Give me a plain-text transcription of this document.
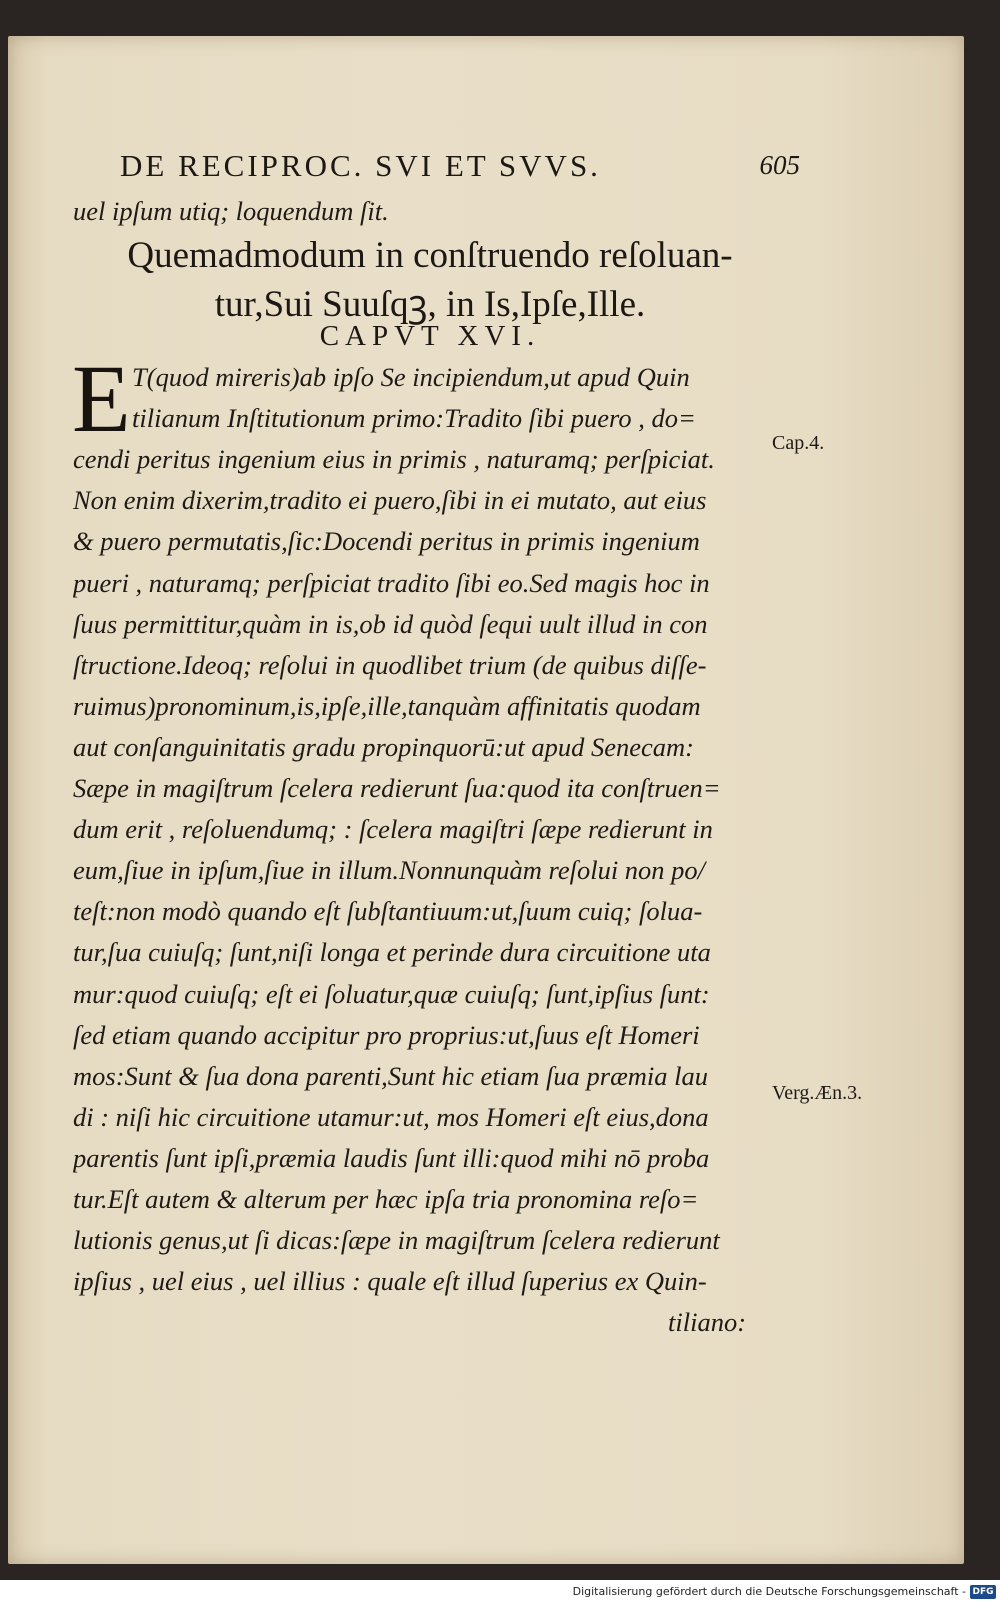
DE RECIPROC. SVI ET SVVS.	605
uel ipſum utiq; loquendum ſit.
Quemadmodum in conſtruendo reſoluan-
tur,Sui Suuſqꝫ, in Is,Ipſe,Ille.
CAPVT XVI.
E T(quod mireris)ab ipſo Se incipiendum,ut apud Quin
tilianum Inſtitutionum primo:Tradito ſibi puero , do=
cendi peritus ingenium eius in primis , naturamq; perſpiciat.
Non enim dixerim,tradito ei puero,ſibi in ei mutato, aut eius
& puero permutatis,ſic:Docendi peritus in primis ingenium
pueri , naturamq; perſpiciat tradito ſibi eo.Sed magis hoc in
ſuus permittitur,quàm in is,ob id quòd ſequi uult illud in con
ſtructione.Ideoq; reſolui in quodlibet trium (de quibus diſſe-
ruimus)pronominum,is,ipſe,ille,tanquàm affinitatis quodam
aut conſanguinitatis gradu propinquorū:ut apud Senecam:
Sæpe in magiſtrum ſcelera redierunt ſua:quod ita conſtruen=
dum erit , reſoluendumq; : ſcelera magiſtri ſæpe redierunt in
eum,ſiue in ipſum,ſiue in illum.Nonnunquàm reſolui non po/
teſt:non modò quando eſt ſubſtantiuum:ut,ſuum cuiq; ſolua-
tur,ſua cuiuſq; ſunt,niſi longa et perinde dura circuitione uta
mur:quod cuiuſq; eſt ei ſoluatur,quæ cuiuſq; ſunt,ipſius ſunt:
ſed etiam quando accipitur pro proprius:ut,ſuus eſt Homeri
mos:Sunt & ſua dona parenti,Sunt hic etiam ſua præmia lau
di : niſi hic circuitione utamur:ut, mos Homeri eſt eius,dona
parentis ſunt ipſi,præmia laudis ſunt illi:quod mihi nō proba
tur.Eſt autem & alterum per hæc ipſa tria pronomina reſo=
lutionis genus,ut ſi dicas:ſæpe in magiſtrum ſcelera redierunt
ipſius , uel eius , uel illius : quale eſt illud ſuperius ex Quin-
tiliano:
Cap.4.
Verg.Æn.3.
Digitalisierung gefördert durch die Deutsche Forschungsgemeinschaft - DFG
